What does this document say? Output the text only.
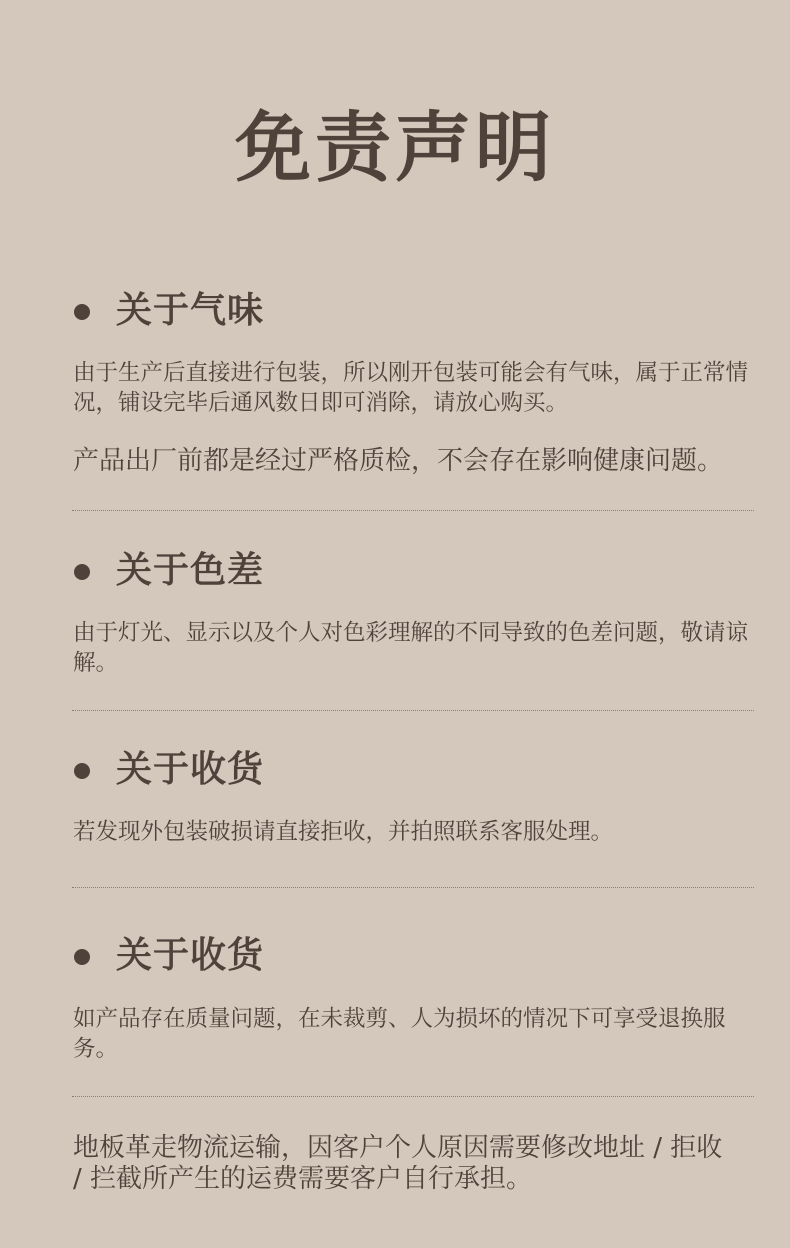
免责声明
关于气味
由于生产后直接进行包装，所以刚开包装可能会有气味，属于正常情况，铺设完毕后通风数日即可消除，请放心购买。
产品出厂前都是经过严格质检，不会存在影响健康问题。
关于色差
由于灯光、显示以及个人对色彩理解的不同导致的色差问题，敬请谅解。
关于收货
若发现外包装破损请直接拒收，并拍照联系客服处理。
关于收货
如产品存在质量问题，在未裁剪、人为损坏的情况下可享受退换服务。
地板革走物流运输，因客户个人原因需要修改地址 / 拒收 / 拦截所产生的运费需要客户自行承担。
